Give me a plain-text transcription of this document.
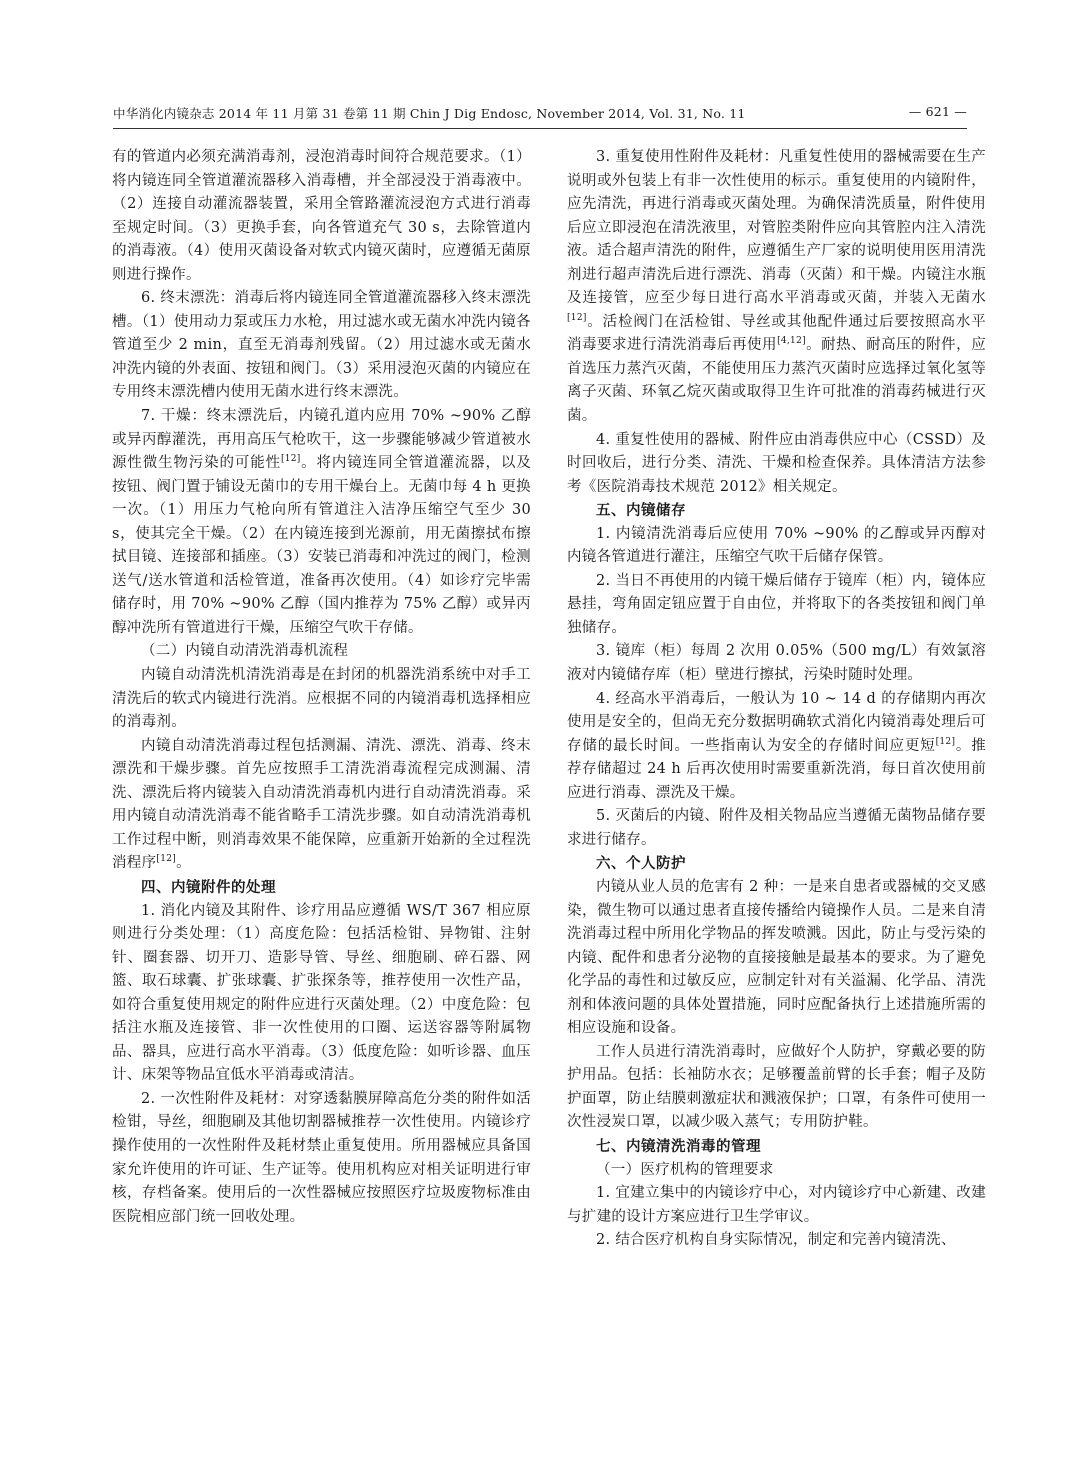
中华消化内镜杂志 2014 年 11 月第 31 卷第 11 期 Chin J Dig Endosc, November 2014, Vol. 31, No. 11	— 621 —

有的管道内必须充满消毒剂，浸泡消毒时间符合规范要求。（1）将内镜连同全管道灌流器移入消毒槽，并全部浸没于消毒液中。（2）连接自动灌流器装置，采用全管路灌流浸泡方式进行消毒至规定时间。（3）更换手套，向各管道充气 30 s，去除管道内的消毒液。（4）使用灭菌设备对软式内镜灭菌时，应遵循无菌原则进行操作。

6. 终末漂洗：消毒后将内镜连同全管道灌流器移入终末漂洗槽。（1）使用动力泵或压力水枪，用过滤水或无菌水冲洗内镜各管道至少 2 min，直至无消毒剂残留。（2）用过滤水或无菌水冲洗内镜的外表面、按钮和阀门。（3）采用浸泡灭菌的内镜应在专用终末漂洗槽内使用无菌水进行终末漂洗。

7. 干燥：终末漂洗后，内镜孔道内应用 70% ~90% 乙醇或异丙醇灌洗，再用高压气枪吹干，这一步骤能够减少管道被水源性微生物污染的可能性[12]。将内镜连同全管道灌流器，以及按钮、阀门置于铺设无菌巾的专用干燥台上。无菌巾每 4 h 更换一次。（1）用压力气枪向所有管道注入洁净压缩空气至少 30 s，使其完全干燥。（2）在内镜连接到光源前，用无菌擦拭布擦拭目镜、连接部和插座。（3）安装已消毒和冲洗过的阀门，检测送气/送水管道和活检管道，准备再次使用。（4）如诊疗完毕需储存时，用 70% ~90% 乙醇（国内推荐为 75% 乙醇）或异丙醇冲洗所有管道进行干燥，压缩空气吹干存储。

（二）内镜自动清洗消毒机流程

内镜自动清洗机清洗消毒是在封闭的机器洗消系统中对手工清洗后的软式内镜进行洗消。应根据不同的内镜消毒机选择相应的消毒剂。

内镜自动清洗消毒过程包括测漏、清洗、漂洗、消毒、终末漂洗和干燥步骤。首先应按照手工清洗消毒流程完成测漏、清洗、漂洗后将内镜装入自动清洗消毒机内进行自动清洗消毒。采用内镜自动清洗消毒不能省略手工清洗步骤。如自动清洗消毒机工作过程中断，则消毒效果不能保障，应重新开始新的全过程洗消程序[12]。

四、内镜附件的处理

1. 消化内镜及其附件、诊疗用品应遵循 WS/T 367 相应原则进行分类处理：（1）高度危险：包括活检钳、异物钳、注射针、圈套器、切开刀、造影导管、导丝、细胞刷、碎石器、网篮、取石球囊、扩张球囊、扩张探条等，推荐使用一次性产品，如符合重复使用规定的附件应进行灭菌处理。（2）中度危险：包括注水瓶及连接管、非一次性使用的口圈、运送容器等附属物品、器具，应进行高水平消毒。（3）低度危险：如听诊器、血压计、床架等物品宜低水平消毒或清洁。

2. 一次性附件及耗材：对穿透黏膜屏障高危分类的附件如活检钳，导丝，细胞刷及其他切割器械推荐一次性使用。内镜诊疗操作使用的一次性附件及耗材禁止重复使用。所用器械应具备国家允许使用的许可证、生产证等。使用机构应对相关证明进行审核，存档备案。使用后的一次性器械应按照医疗垃圾废物标准由医院相应部门统一回收处理。

3. 重复使用性附件及耗材：凡重复性使用的器械需要在生产说明或外包装上有非一次性使用的标示。重复使用的内镜附件，应先清洗，再进行消毒或灭菌处理。为确保清洗质量，附件使用后应立即浸泡在清洗液里，对管腔类附件应向其管腔内注入清洗液。适合超声清洗的附件，应遵循生产厂家的说明使用医用清洗剂进行超声清洗后进行漂洗、消毒（灭菌）和干燥。内镜注水瓶及连接管，应至少每日进行高水平消毒或灭菌，并装入无菌水[12]。活检阀门在活检钳、导丝或其他配件通过后要按照高水平消毒要求进行清洗消毒后再使用[4,12]。耐热、耐高压的附件，应首选压力蒸汽灭菌，不能使用压力蒸汽灭菌时应选择过氧化氢等离子灭菌、环氧乙烷灭菌或取得卫生许可批准的消毒药械进行灭菌。

4. 重复性使用的器械、附件应由消毒供应中心（CSSD）及时回收后，进行分类、清洗、干燥和检查保养。具体清洁方法参考《医院消毒技术规范 2012》相关规定。

五、内镜储存

1. 内镜清洗消毒后应使用 70% ~90% 的乙醇或异丙醇对内镜各管道进行灌注，压缩空气吹干后储存保管。

2. 当日不再使用的内镜干燥后储存于镜库（柜）内，镜体应悬挂，弯角固定钮应置于自由位，并将取下的各类按钮和阀门单独储存。

3. 镜库（柜）每周 2 次用 0.05%（500 mg/L）有效氯溶液对内镜储存库（柜）壁进行擦拭，污染时随时处理。

4. 经高水平消毒后，一般认为 10 ~ 14 d 的存储期内再次使用是安全的，但尚无充分数据明确软式消化内镜消毒处理后可存储的最长时间。一些指南认为安全的存储时间应更短[12]。推荐存储超过 24 h 后再次使用时需要重新洗消，每日首次使用前应进行消毒、漂洗及干燥。

5. 灭菌后的内镜、附件及相关物品应当遵循无菌物品储存要求进行储存。

六、个人防护

内镜从业人员的危害有 2 种：一是来自患者或器械的交叉感染，微生物可以通过患者直接传播给内镜操作人员。二是来自清洗消毒过程中所用化学物品的挥发喷溅。因此，防止与受污染的内镜、配件和患者分泌物的直接接触是最基本的要求。为了避免化学品的毒性和过敏反应，应制定针对有关溢漏、化学品、清洗剂和体液问题的具体处置措施，同时应配备执行上述措施所需的相应设施和设备。

工作人员进行清洗消毒时，应做好个人防护，穿戴必要的防护用品。包括：长袖防水衣；足够覆盖前臂的长手套；帽子及防护面罩，防止结膜刺激症状和溅液保护；口罩，有条件可使用一次性浸炭口罩，以减少吸入蒸气；专用防护鞋。

七、内镜清洗消毒的管理

（一）医疗机构的管理要求

1. 宜建立集中的内镜诊疗中心，对内镜诊疗中心新建、改建与扩建的设计方案应进行卫生学审议。

2. 结合医疗机构自身实际情况，制定和完善内镜清洗、
